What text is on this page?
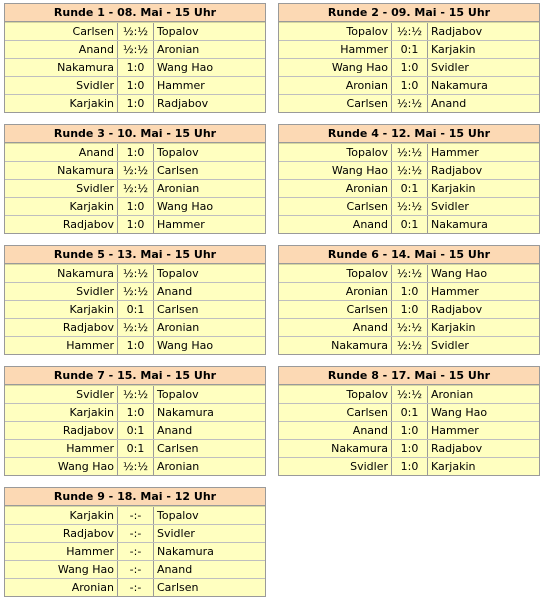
Runde 1 - 08. Mai - 15 Uhr
Carlsen ½:½ Topalov
Anand ½:½ Aronian
Nakamura	1:0	Wang Hao
Svidler	1:0	Hammer
Karjakin	1:0	Radjabov
Runde 2 - 09. Mai - 15 Uhr
Topalov ½:½ Radjabov
Hammer	0:1	Karjakin
Wang Hao	1:0	Svidler
Aronian	1:0	Nakamura
Carlsen ½:½ Anand
Runde 3 - 10. Mai - 15 Uhr
Anand	1:0	Topalov
Nakamura ½:½ Carlsen
Svidler ½:½ Aronian
Karjakin	1:0	Wang Hao
Radjabov	1:0	Hammer
Runde 4 - 12. Mai - 15 Uhr
Topalov ½:½ Hammer
Wang Hao ½:½ Radjabov
Aronian	0:1	Karjakin
Carlsen ½:½ Svidler
Anand	0:1	Nakamura
Runde 5 - 13. Mai - 15 Uhr
Nakamura ½:½ Topalov
Svidler ½:½ Anand
Karjakin	0:1	Carlsen
Radjabov ½:½ Aronian
Hammer	1:0	Wang Hao
Runde 6 - 14. Mai - 15 Uhr
Topalov ½:½ Wang Hao
Aronian	1:0	Hammer
Carlsen	1:0	Radjabov
Anand ½:½ Karjakin
Nakamura ½:½ Svidler
Runde 7 - 15. Mai - 15 Uhr
Svidler ½:½ Topalov
Karjakin	1:0	Nakamura
Radjabov	0:1	Anand
Hammer	0:1	Carlsen
Wang Hao ½:½ Aronian
Runde 8 - 17. Mai - 15 Uhr
Topalov ½:½ Aronian
Carlsen	0:1	Wang Hao
Anand	1:0	Hammer
Nakamura	1:0	Radjabov
Svidler	1:0	Karjakin
Runde 9 - 18. Mai - 12 Uhr
Karjakin	-:-	Topalov
Radjabov	-:-	Svidler
Hammer	-:-	Nakamura
Wang Hao	-:-	Anand
Aronian	-:-	Carlsen
